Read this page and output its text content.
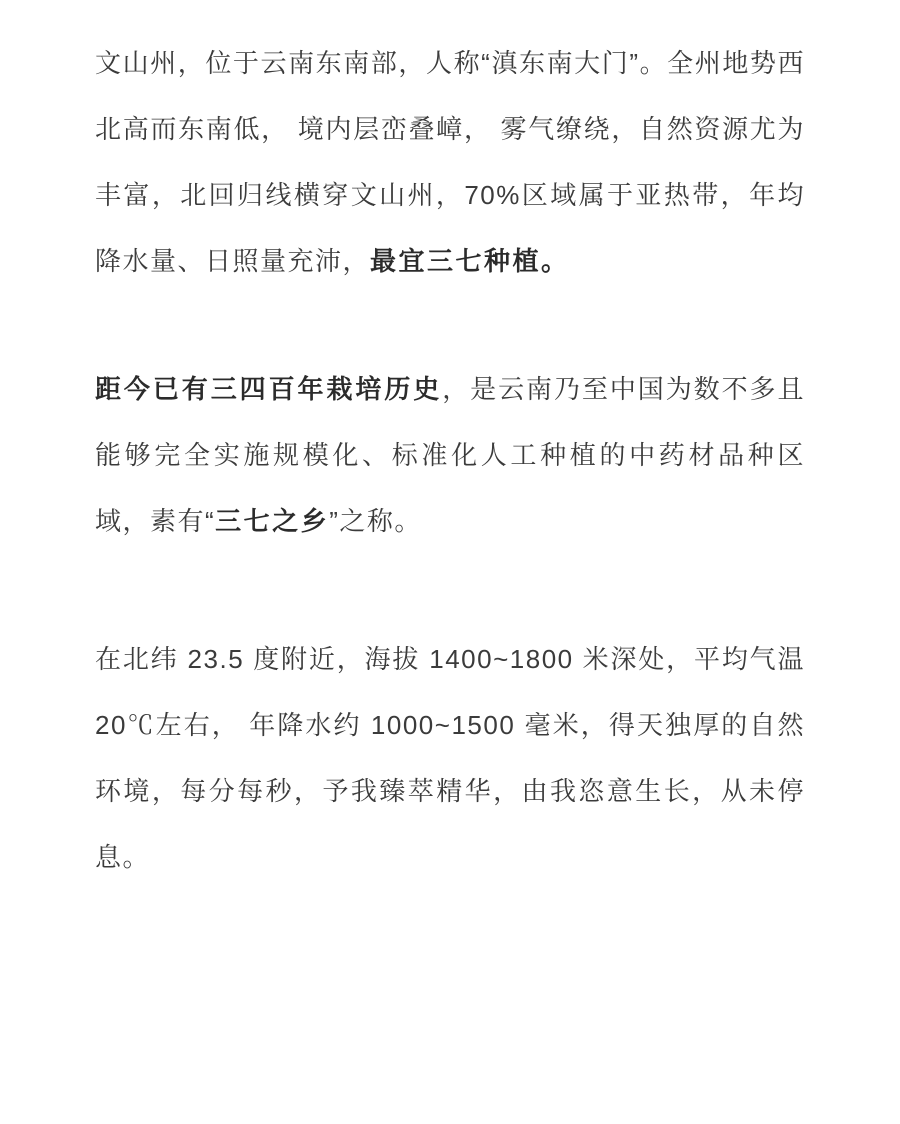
文山州，位于云南东南部，人称“滇东南大门”。全州地势西北高而东南低， 境内层峦叠嶂， 雾气缭绕，自然资源尤为丰富，北回归线横穿文山州，70%区域属于亚热带，年均降水量、日照量充沛，最宜三七种植。

距今已有三四百年栽培历史，是云南乃至中国为数不多且能够完全实施规模化、标准化人工种植的中药材品种区域，素有“三七之乡”之称。

在北纬 23.5 度附近，海拔 1400~1800 米深处，平均气温 20℃左右， 年降水约 1000~1500 毫米，得天独厚的自然环境，每分每秒，予我臻萃精华，由我恣意生长，从未停息。
